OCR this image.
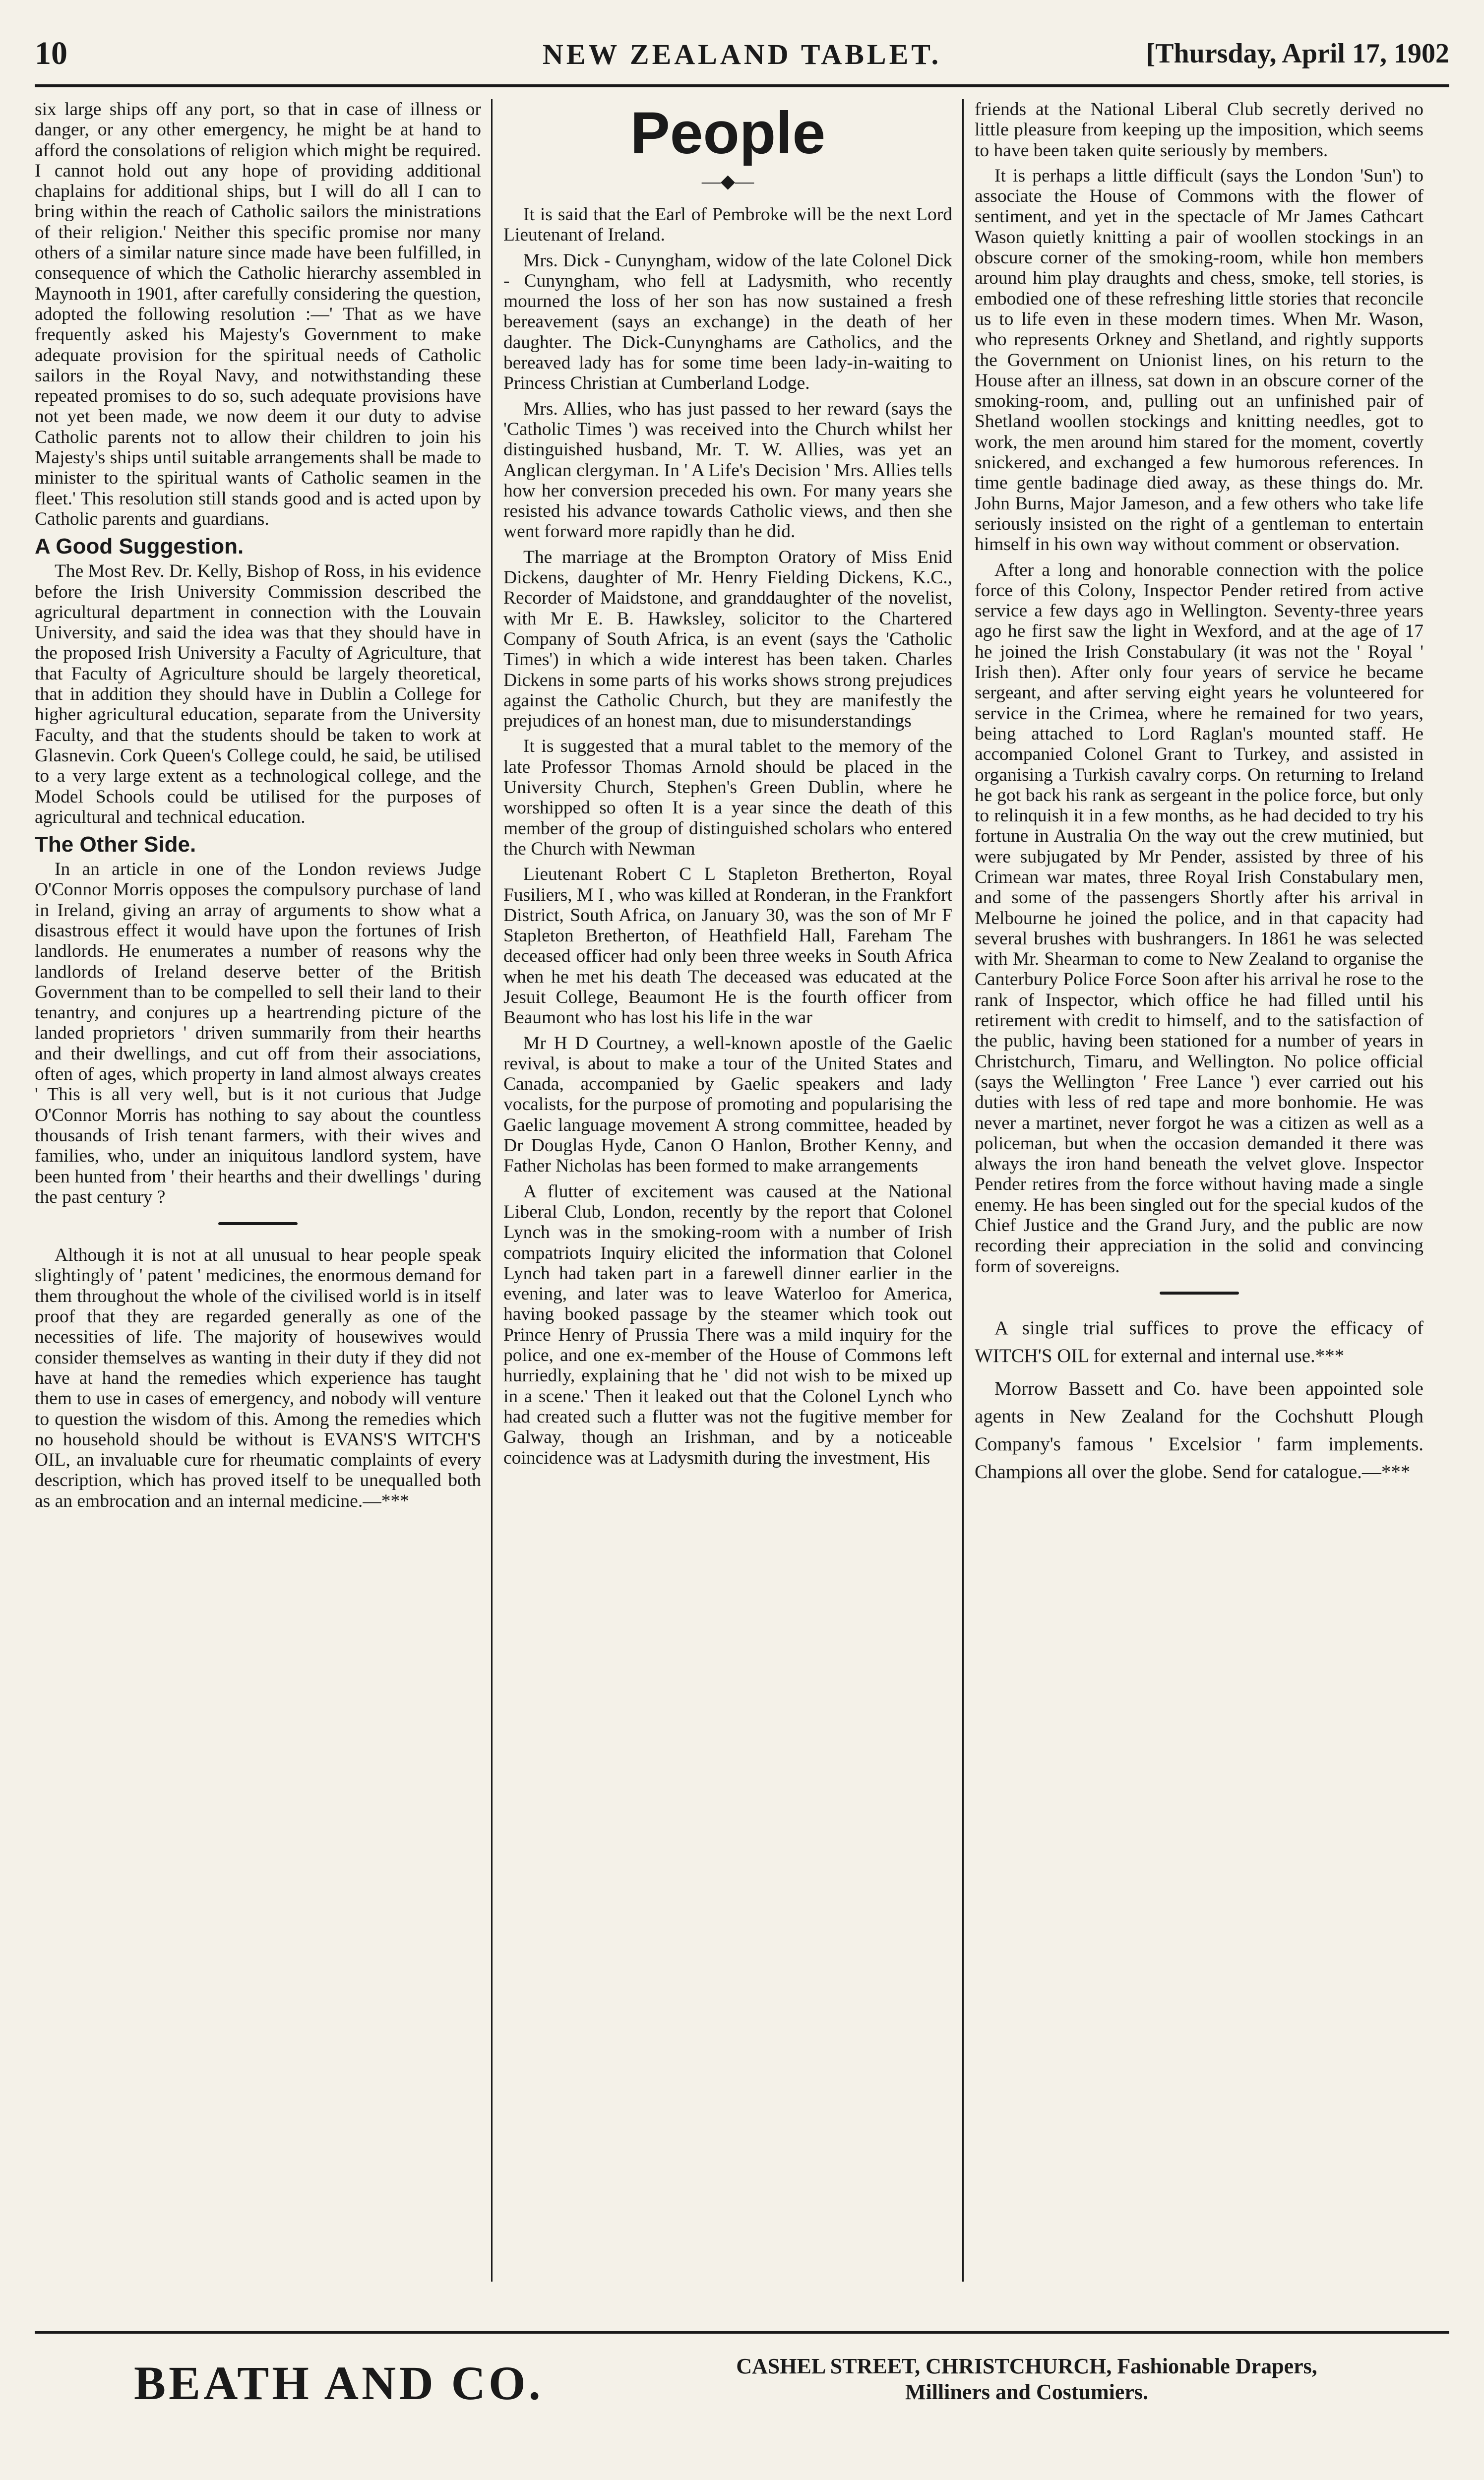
10	NEW ZEALAND TABLET.	[Thursday, April 17, 1902

six large ships off any port, so that in case of illness or danger, or any other emergency, he might be at hand to afford the consolations of religion which might be required. I cannot hold out any hope of providing additional chaplains for additional ships, but I will do all I can to bring within the reach of Catholic sailors the ministrations of their religion.' Neither this specific promise nor many others of a similar nature since made have been fulfilled, in consequence of which the Catholic hierarchy assembled in Maynooth in 1901, after carefully considering the question, adopted the following resolution :—' That as we have frequently asked his Majesty's Government to make adequate provision for the spiritual needs of Catholic sailors in the Royal Navy, and notwithstanding these repeated promises to do so, such adequate provisions have not yet been made, we now deem it our duty to advise Catholic parents not to allow their children to join his Majesty's ships until suitable arrangements shall be made to minister to the spiritual wants of Catholic seamen in the fleet.' This resolution still stands good and is acted upon by Catholic parents and guardians.

A Good Suggestion.

The Most Rev. Dr. Kelly, Bishop of Ross, in his evidence before the Irish University Commission described the agricultural department in connection with the Louvain University, and said the idea was that they should have in the proposed Irish University a Faculty of Agriculture, that that Faculty of Agriculture should be largely theoretical, that in addition they should have in Dublin a College for higher agricultural education, separate from the University Faculty, and that the students should be taken to work at Glasnevin. Cork Queen's College could, he said, be utilised to a very large extent as a technological college, and the Model Schools could be utilised for the purposes of agricultural and technical education.

The Other Side.

In an article in one of the London reviews Judge O'Connor Morris opposes the compulsory purchase of land in Ireland, giving an array of arguments to show what a disastrous effect it would have upon the fortunes of Irish landlords. He enumerates a number of reasons why the landlords of Ireland deserve better of the British Government than to be compelled to sell their land to their tenantry, and conjures up a heartrending picture of the landed proprietors ' driven summarily from their hearths and their dwellings, and cut off from their associations, often of ages, which property in land almost always creates ' This is all very well, but is it not curious that Judge O'Connor Morris has nothing to say about the countless thousands of Irish tenant farmers, with their wives and families, who, under an iniquitous landlord system, have been hunted from ' their hearths and their dwellings ' during the past century ?

Although it is not at all unusual to hear people speak slightingly of ' patent ' medicines, the enormous demand for them throughout the whole of the civilised world is in itself proof that they are regarded generally as one of the necessities of life. The majority of housewives would consider themselves as wanting in their duty if they did not have at hand the remedies which experience has taught them to use in cases of emergency, and nobody will venture to question the wisdom of this. Among the remedies which no household should be without is EVANS'S WITCH'S OIL, an invaluable cure for rheumatic complaints of every description, which has proved itself to be unequalled both as an embrocation and an internal medicine.—***

People
—◆—

It is said that the Earl of Pembroke will be the next Lord Lieutenant of Ireland.

Mrs. Dick - Cunyngham, widow of the late Colonel Dick - Cunyngham, who fell at Ladysmith, who recently mourned the loss of her son has now sustained a fresh bereavement (says an exchange) in the death of her daughter. The Dick-Cunynghams are Catholics, and the bereaved lady has for some time been lady-in-waiting to Princess Christian at Cumberland Lodge.

Mrs. Allies, who has just passed to her reward (says the 'Catholic Times ') was received into the Church whilst her distinguished husband, Mr. T. W. Allies, was yet an Anglican clergyman. In ' A Life's Decision ' Mrs. Allies tells how her conversion preceded his own. For many years she resisted his advance towards Catholic views, and then she went forward more rapidly than he did.

The marriage at the Brompton Oratory of Miss Enid Dickens, daughter of Mr. Henry Fielding Dickens, K.C., Recorder of Maidstone, and granddaughter of the novelist, with Mr E. B. Hawksley, solicitor to the Chartered Company of South Africa, is an event (says the 'Catholic Times') in which a wide interest has been taken. Charles Dickens in some parts of his works shows strong prejudices against the Catholic Church, but they are manifestly the prejudices of an honest man, due to misunderstandings

It is suggested that a mural tablet to the memory of the late Professor Thomas Arnold should be placed in the University Church, Stephen's Green Dublin, where he worshipped so often It is a year since the death of this member of the group of distinguished scholars who entered the Church with Newman

Lieutenant Robert C L Stapleton Bretherton, Royal Fusiliers, M I , who was killed at Ronderan, in the Frankfort District, South Africa, on January 30, was the son of Mr F Stapleton Bretherton, of Heathfield Hall, Fareham The deceased officer had only been three weeks in South Africa when he met his death The deceased was educated at the Jesuit College, Beaumont He is the fourth officer from Beaumont who has lost his life in the war

Mr H D Courtney, a well-known apostle of the Gaelic revival, is about to make a tour of the United States and Canada, accompanied by Gaelic speakers and lady vocalists, for the purpose of promoting and popularising the Gaelic language movement A strong committee, headed by Dr Douglas Hyde, Canon O Hanlon, Brother Kenny, and Father Nicholas has been formed to make arrangements

A flutter of excitement was caused at the National Liberal Club, London, recently by the report that Colonel Lynch was in the smoking-room with a number of Irish compatriots Inquiry elicited the information that Colonel Lynch had taken part in a farewell dinner earlier in the evening, and later was to leave Waterloo for America, having booked passage by the steamer which took out Prince Henry of Prussia There was a mild inquiry for the police, and one ex-member of the House of Commons left hurriedly, explaining that he ' did not wish to be mixed up in a scene.' Then it leaked out that the Colonel Lynch who had created such a flutter was not the fugitive member for Galway, though an Irishman, and by a noticeable coincidence was at Ladysmith during the investment, His

friends at the National Liberal Club secretly derived no little pleasure from keeping up the imposition, which seems to have been taken quite seriously by members.

It is perhaps a little difficult (says the London 'Sun') to associate the House of Commons with the flower of sentiment, and yet in the spectacle of Mr James Cathcart Wason quietly knitting a pair of woollen stockings in an obscure corner of the smoking-room, while hon members around him play draughts and chess, smoke, tell stories, is embodied one of these refreshing little stories that reconcile us to life even in these modern times. When Mr. Wason, who represents Orkney and Shetland, and rightly supports the Government on Unionist lines, on his return to the House after an illness, sat down in an obscure corner of the smoking-room, and, pulling out an unfinished pair of Shetland woollen stockings and knitting needles, got to work, the men around him stared for the moment, covertly snickered, and exchanged a few humorous references. In time gentle badinage died away, as these things do. Mr. John Burns, Major Jameson, and a few others who take life seriously insisted on the right of a gentleman to entertain himself in his own way without comment or observation.

After a long and honorable connection with the police force of this Colony, Inspector Pender retired from active service a few days ago in Wellington. Seventy-three years ago he first saw the light in Wexford, and at the age of 17 he joined the Irish Constabulary (it was not the ' Royal ' Irish then). After only four years of service he became sergeant, and after serving eight years he volunteered for service in the Crimea, where he remained for two years, being attached to Lord Raglan's mounted staff. He accompanied Colonel Grant to Turkey, and assisted in organising a Turkish cavalry corps. On returning to Ireland he got back his rank as sergeant in the police force, but only to relinquish it in a few months, as he had decided to try his fortune in Australia On the way out the crew mutinied, but were subjugated by Mr Pender, assisted by three of his Crimean war mates, three Royal Irish Constabulary men, and some of the passengers Shortly after his arrival in Melbourne he joined the police, and in that capacity had several brushes with bushrangers. In 1861 he was selected with Mr. Shearman to come to New Zealand to organise the Canterbury Police Force Soon after his arrival he rose to the rank of Inspector, which office he had filled until his retirement with credit to himself, and to the satisfaction of the public, having been stationed for a number of years in Christchurch, Timaru, and Wellington. No police official (says the Wellington ' Free Lance ') ever carried out his duties with less of red tape and more bonhomie. He was never a martinet, never forgot he was a citizen as well as a policeman, but when the occasion demanded it there was always the iron hand beneath the velvet glove. Inspector Pender retires from the force without having made a single enemy. He has been singled out for the special kudos of the Chief Justice and the Grand Jury, and the public are now recording their appreciation in the solid and convincing form of sovereigns.

A single trial suffices to prove the efficacy of WITCH'S OIL for external and internal use.***

Morrow Bassett and Co. have been appointed sole agents in New Zealand for the Cochshutt Plough Company's famous ' Excelsior ' farm implements. Champions all over the globe. Send for catalogue.—***

BEATH AND CO.	CASHEL STREET, CHRISTCHURCH, Fashionable Drapers,
Milliners and Costumiers.
